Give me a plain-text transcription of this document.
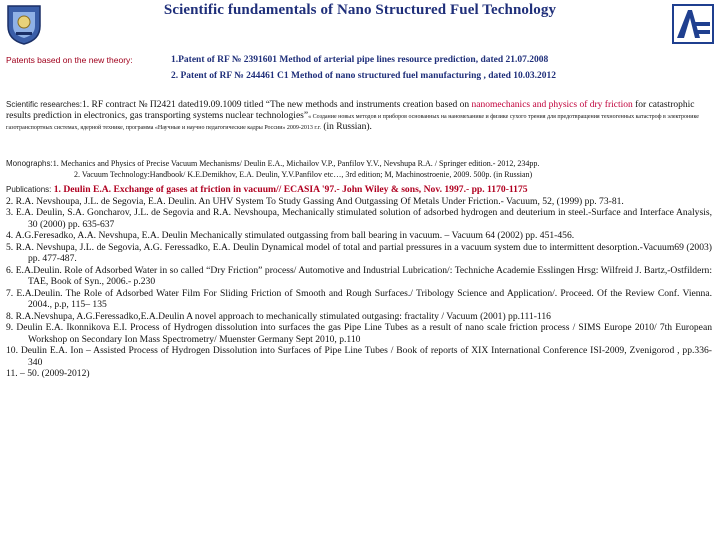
Scientific fundamentals of Nano Structured Fuel Technology
Patents based on the new theory:	1.Patent of RF № 2391601 Method of arterial pipe lines resource prediction, dated 21.07.2008
2. Patent of RF № 244461 C1 Method of nano structured fuel manufacturing , dated 10.03.2012
Scientific researches:1. RF contract № П2421 dated19.09.1009 titled “The new methods and instruments creation based on nanomechanics and physics of dry friction for catastrophic results prediction in electronics, gas transporting systems nuclear technologies”« Создание новых методов и приборов основанных на наномеханике и физике сухого трения для предотвращения техногенных катастроф в электронике газотранспортных системах, ядерной технике, программа «Научные и научно педагогические кадры России» 2009-2013 г.г. (in Russian).
Monographs:1. Mechanics and Physics of Precise Vacuum Mechanisms/ Deulin E.A., Michailov V.P., Panfilov Y.V., Nevshupa R.A. / Springer edition.- 2012, 234pp.
2. Vacuum Technology:Handbook/ K.E.Demikhov, E.A. Deulin, Y.V.Panfilov etc…, 3rd edition; M, Machinostroenie, 2009. 500p. (in Russian)
Publications: 1. Deulin E.A. Exchange of gases at friction in vacuum// ECASIA '97.- John Wiley & sons, Nov. 1997.- pp. 1170-1175
2. R.A. Nevshoupa, J.L. de Segovia, E.A. Deulin. An UHV System To Study Gassing And Outgassing Of Metals Under Friction.- Vacuum, 52, (1999) pp. 73-81.
3. E.A. Deulin, S.A. Goncharov, J.L. de Segovia and R.A. Nevshoupa, Mechanically stimulated solution of adsorbed hydrogen and deuterium in steel.-Surface and Interface Analysis, 30 (2000) pp. 635-637
4. A.G.Feresadko, A.A. Nevshupa, E.A. Deulin Mechanically stimulated outgassing from ball bearing in vacuum. – Vacuum 64 (2002) pp. 451-456.
5. R.A. Nevshupa, J.L. de Segovia, A.G. Feressadko, E.A. Deulin Dynamical model of total and partial pressures in a vacuum system due to intermittent desorption.-Vacuum69 (2003) pp. 477-487.
6. E.A.Deulin. Role of Adsorbed Water in so called “Dry Friction” process/ Automotive and Industrial Lubrication/: Techniche Academie Esslingen Hrsg: Wilfreid J. Bartz,-Ostfildern: TAE, Book of Syn., 2006.- p.230
7. E.A.Deulin. The Role of Adsorbed Water Film For Sliding Friction of Smooth and Rough Surfaces./ Tribology Science and Application/. Proceed. Of the Review Conf. Vienna. 2004., p.p, 115– 135
8. R.A.Nevshupa, A.G.Feressadko,E.A.Deulin A novel approach to mechanically stimulated outgasing: fractality / Vacuum (2001) pp.111-116
9. Deulin E.A. Ikonnikova E.I. Process of Hydrogen dissolution into surfaces the gas Pipe Line Tubes as a result of nano scale friction process / SIMS Europe 2010/ 7th European Workshop on Secondary Ion Mass Spectrometry/ Muenster Germany Sept 2010, p.110
10. Deulin E.A. Ion – Assisted Process of Hydrogen Dissolution into Surfaces of Pipe Line Tubes / Book of reports of XIX International Conference ISI-2009, Zvenigorod , pp.336-340
11. – 50. (2009-2012)
